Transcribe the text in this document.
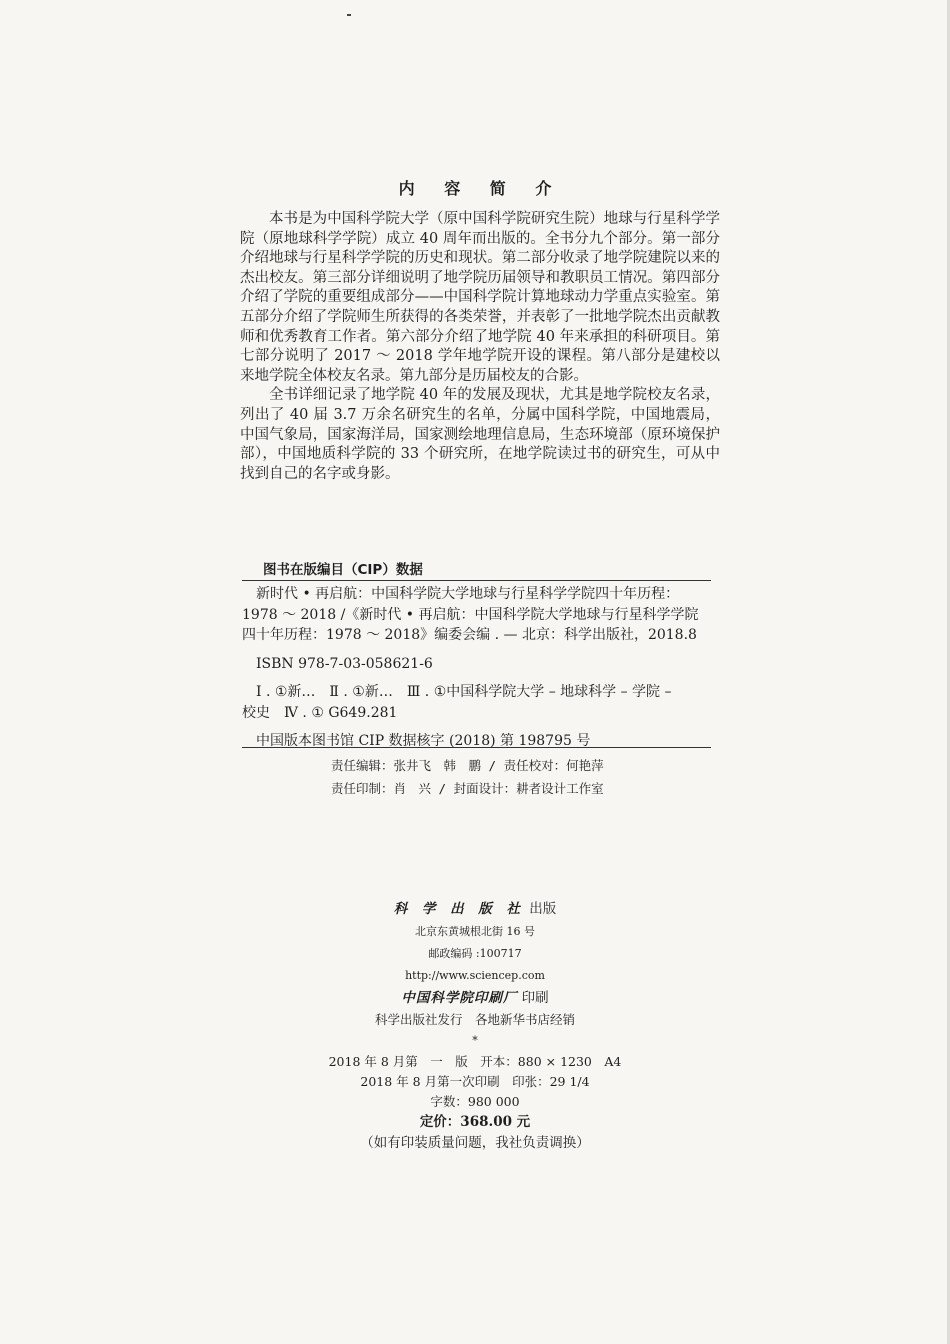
内 容 简 介

本书是为中国科学院大学（原中国科学院研究生院）地球与行星科学学院（原地球科学学院）成立 40 周年而出版的。全书分九个部分。第一部分介绍地球与行星科学学院的历史和现状。第二部分收录了地学院建院以来的杰出校友。第三部分详细说明了地学院历届领导和教职员工情况。第四部分介绍了学院的重要组成部分——中国科学院计算地球动力学重点实验室。第五部分介绍了学院师生所获得的各类荣誉，并表彰了一批地学院杰出贡献教师和优秀教育工作者。第六部分介绍了地学院 40 年来承担的科研项目。第七部分说明了 2017 ～ 2018 学年地学院开设的课程。第八部分是建校以来地学院全体校友名录。第九部分是历届校友的合影。

全书详细记录了地学院 40 年的发展及现状，尤其是地学院校友名录，列出了 40 届 3.7 万余名研究生的名单，分属中国科学院，中国地震局，中国气象局，国家海洋局，国家测绘地理信息局，生态环境部（原环境保护部），中国地质科学院的 33 个研究所，在地学院读过书的研究生，可从中找到自己的名字或身影。

图书在版编目（CIP）数据
新时代 • 再启航：中国科学院大学地球与行星科学学院四十年历程：
1978 ～ 2018 /《新时代 • 再启航：中国科学院大学地球与行星科学学院
四十年历程：1978 ～ 2018》编委会编 . — 北京：科学出版社，2018.8
ISBN 978-7-03-058621-6
Ⅰ . ①新…　Ⅱ . ①新…　Ⅲ . ①中国科学院大学 – 地球科学 – 学院 –
校史　Ⅳ . ① G649.281
中国版本图书馆 CIP 数据核字 (2018) 第 198795 号
责任编辑：张井飞　韩　鹏 / 责任校对：何艳萍
责任印制：肖　兴 / 封面设计：耕者设计工作室
科 学 出 版 社 出版
北京东黄城根北街 16 号
邮政编码 :100717
http://www.sciencep.com
中国科学院印刷厂 印刷
科学出版社发行　各地新华书店经销
*
2018 年 8 月第　一　版　开本：880 × 1230　A4
2018 年 8 月第一次印刷　印张：29 1/4
字数：980 000
定价：368.00 元
（如有印装质量问题，我社负责调换）
